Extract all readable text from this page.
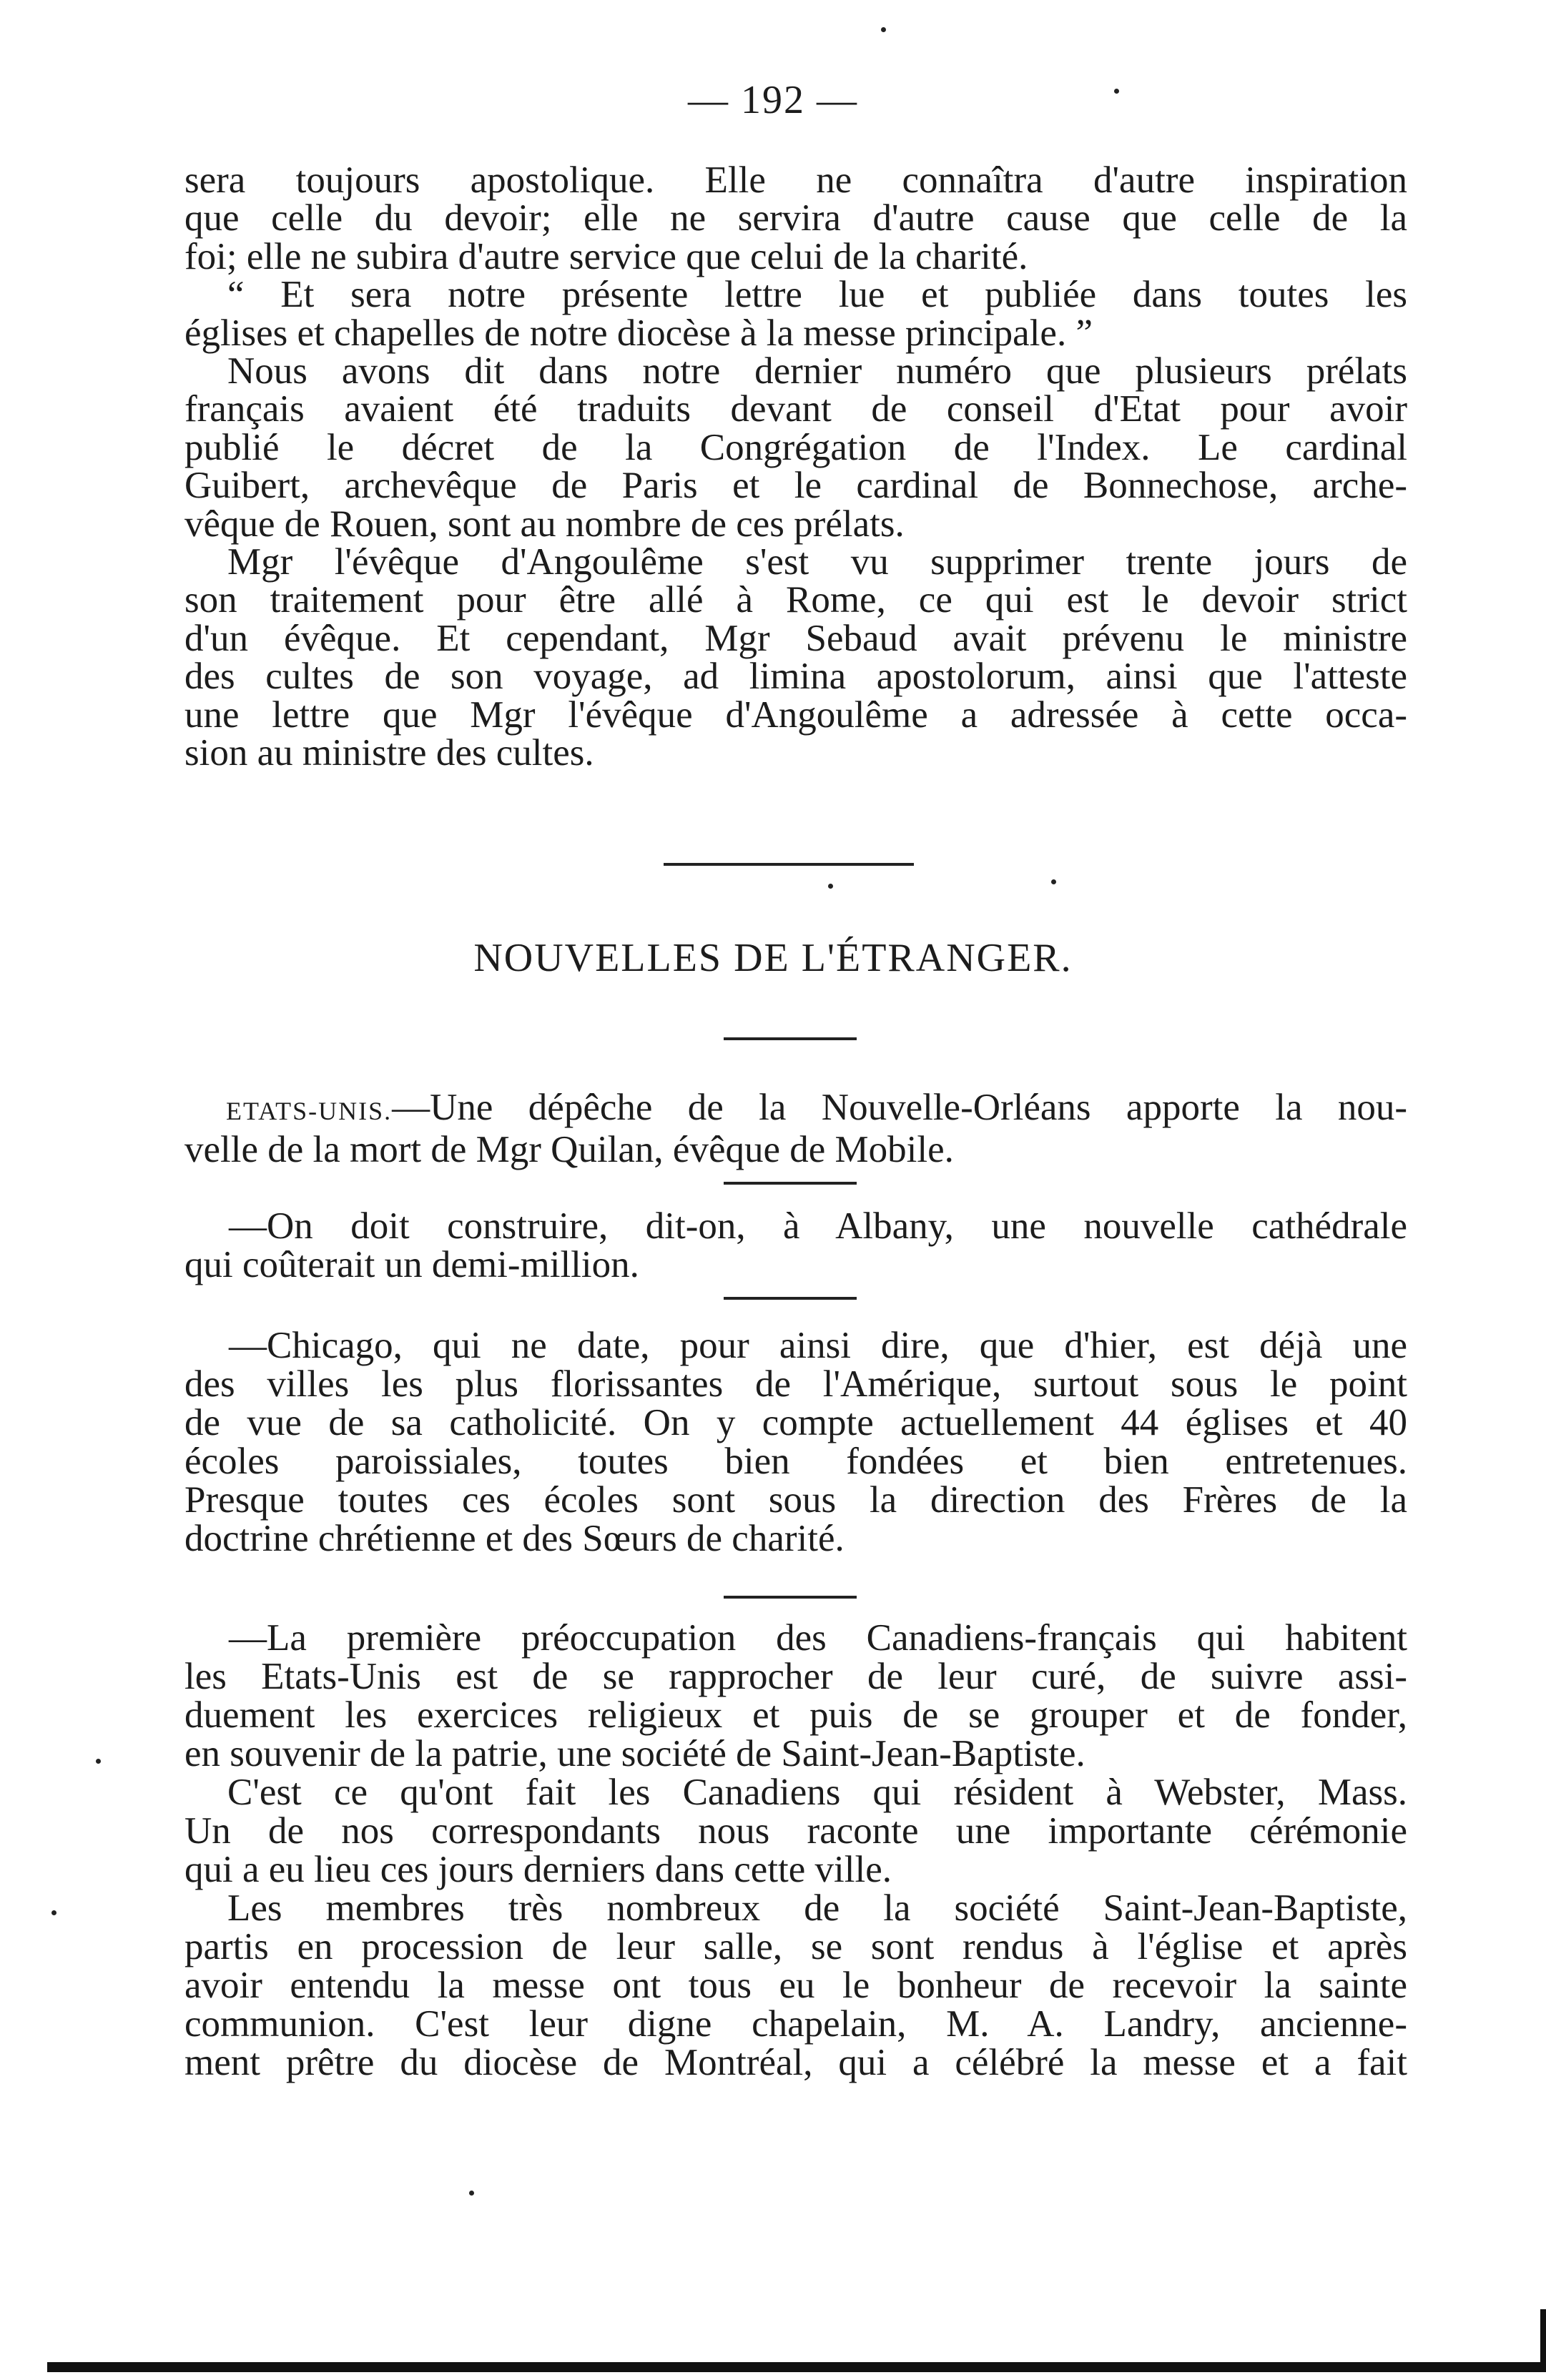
— 192 —
sera toujours apostolique. Elle ne connaîtra d'autre inspiration
que celle du devoir; elle ne servira d'autre cause que celle de la
foi; elle ne subira d'autre service que celui de la charité.
“ Et sera notre présente lettre lue et publiée dans toutes les
églises et chapelles de notre diocèse à la messe principale. ”
Nous avons dit dans notre dernier numéro que plusieurs prélats
français avaient été traduits devant de conseil d'Etat pour avoir
publié le décret de la Congrégation de l'Index. Le cardinal
Guibert, archevêque de Paris et le cardinal de Bonnechose, arche-
vêque de Rouen, sont au nombre de ces prélats.
Mgr l'évêque d'Angoulême s'est vu supprimer trente jours de
son traitement pour être allé à Rome, ce qui est le devoir strict
d'un évêque. Et cependant, Mgr Sebaud avait prévenu le ministre
des cultes de son voyage, ad limina apostolorum, ainsi que l'atteste
une lettre que Mgr l'évêque d'Angoulême a adressée à cette occa-
sion au ministre des cultes.
NOUVELLES DE L'ÉTRANGER.
ETATS-UNIS.—Une dépêche de la Nouvelle-Orléans apporte la nou-
velle de la mort de Mgr Quilan, évêque de Mobile.
—On doit construire, dit-on, à Albany, une nouvelle cathédrale
qui coûterait un demi-million.
—Chicago, qui ne date, pour ainsi dire, que d'hier, est déjà une
des villes les plus florissantes de l'Amérique, surtout sous le point
de vue de sa catholicité. On y compte actuellement 44 églises et 40
écoles paroissiales, toutes bien fondées et bien entretenues.
Presque toutes ces écoles sont sous la direction des Frères de la
doctrine chrétienne et des Sœurs de charité.
—La première préoccupation des Canadiens-français qui habitent
les Etats-Unis est de se rapprocher de leur curé, de suivre assi-
duement les exercices religieux et puis de se grouper et de fonder,
en souvenir de la patrie, une société de Saint-Jean-Baptiste.
C'est ce qu'ont fait les Canadiens qui résident à Webster, Mass.
Un de nos correspondants nous raconte une importante cérémonie
qui a eu lieu ces jours derniers dans cette ville.
Les membres très nombreux de la société Saint-Jean-Baptiste,
partis en procession de leur salle, se sont rendus à l'église et après
avoir entendu la messe ont tous eu le bonheur de recevoir la sainte
communion. C'est leur digne chapelain, M. A. Landry, ancienne-
ment prêtre du diocèse de Montréal, qui a célébré la messe et a fait
